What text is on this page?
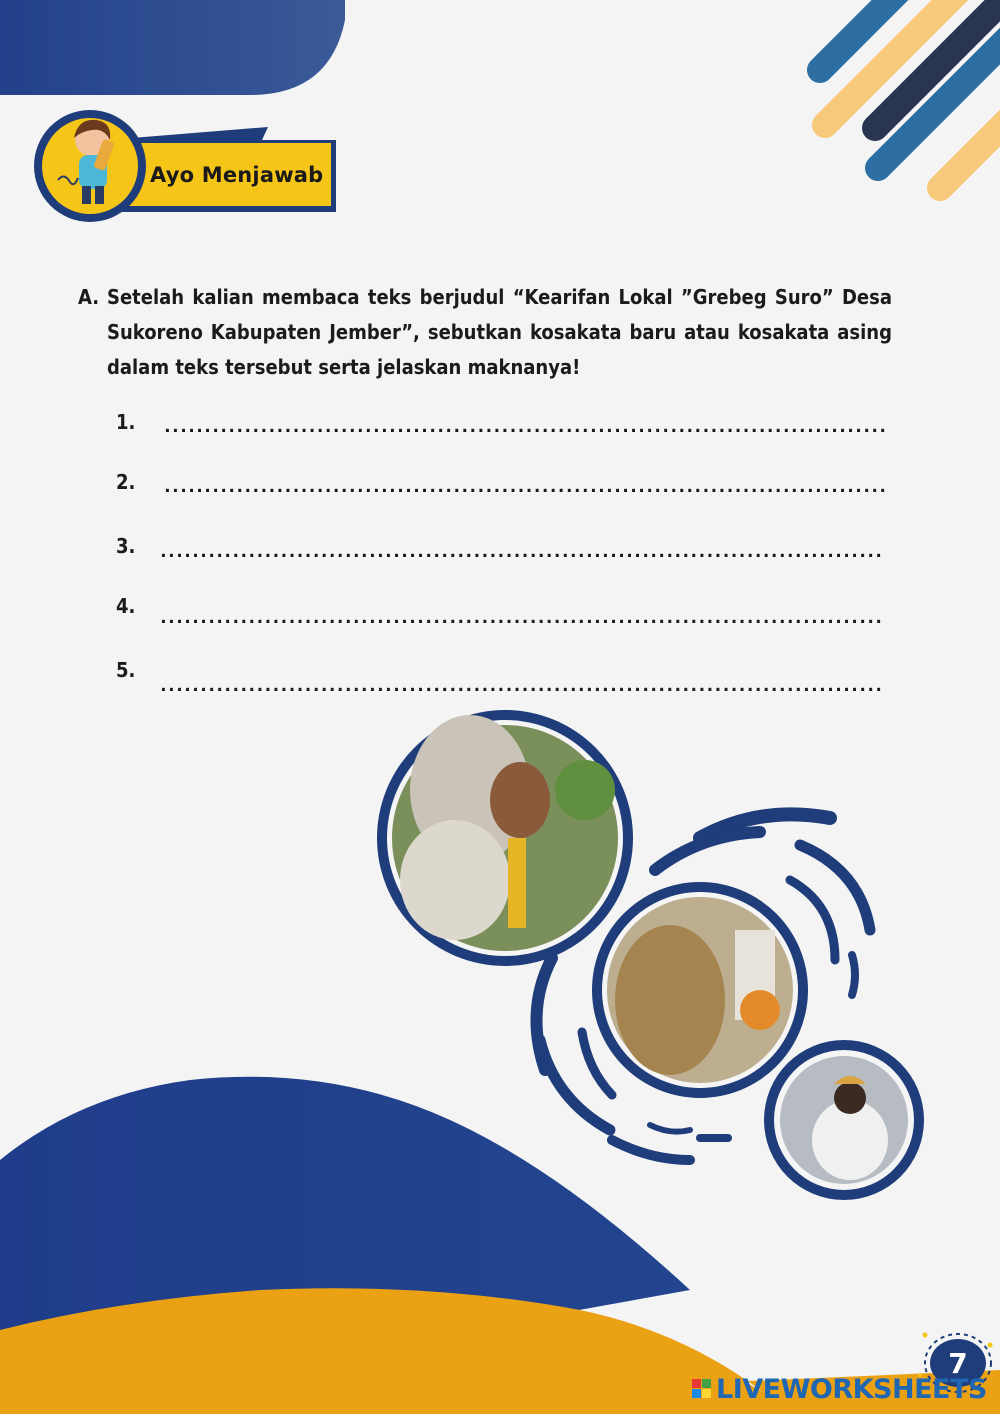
Ayo Menjawab
A. Setelah kalian membaca teks berjudul “Kearifan Lokal ”Grebeg Suro” Desa Sukoreno Kabupaten Jember”, sebutkan kosakata baru atau kosakata asing dalam teks tersebut serta jelaskan maknanya!
1. ..........................................................................................
2. ..........................................................................................
3. ..........................................................................................
4. ..........................................................................................
5.
..........................................................................................
7
LIVEWORKSHEETS
